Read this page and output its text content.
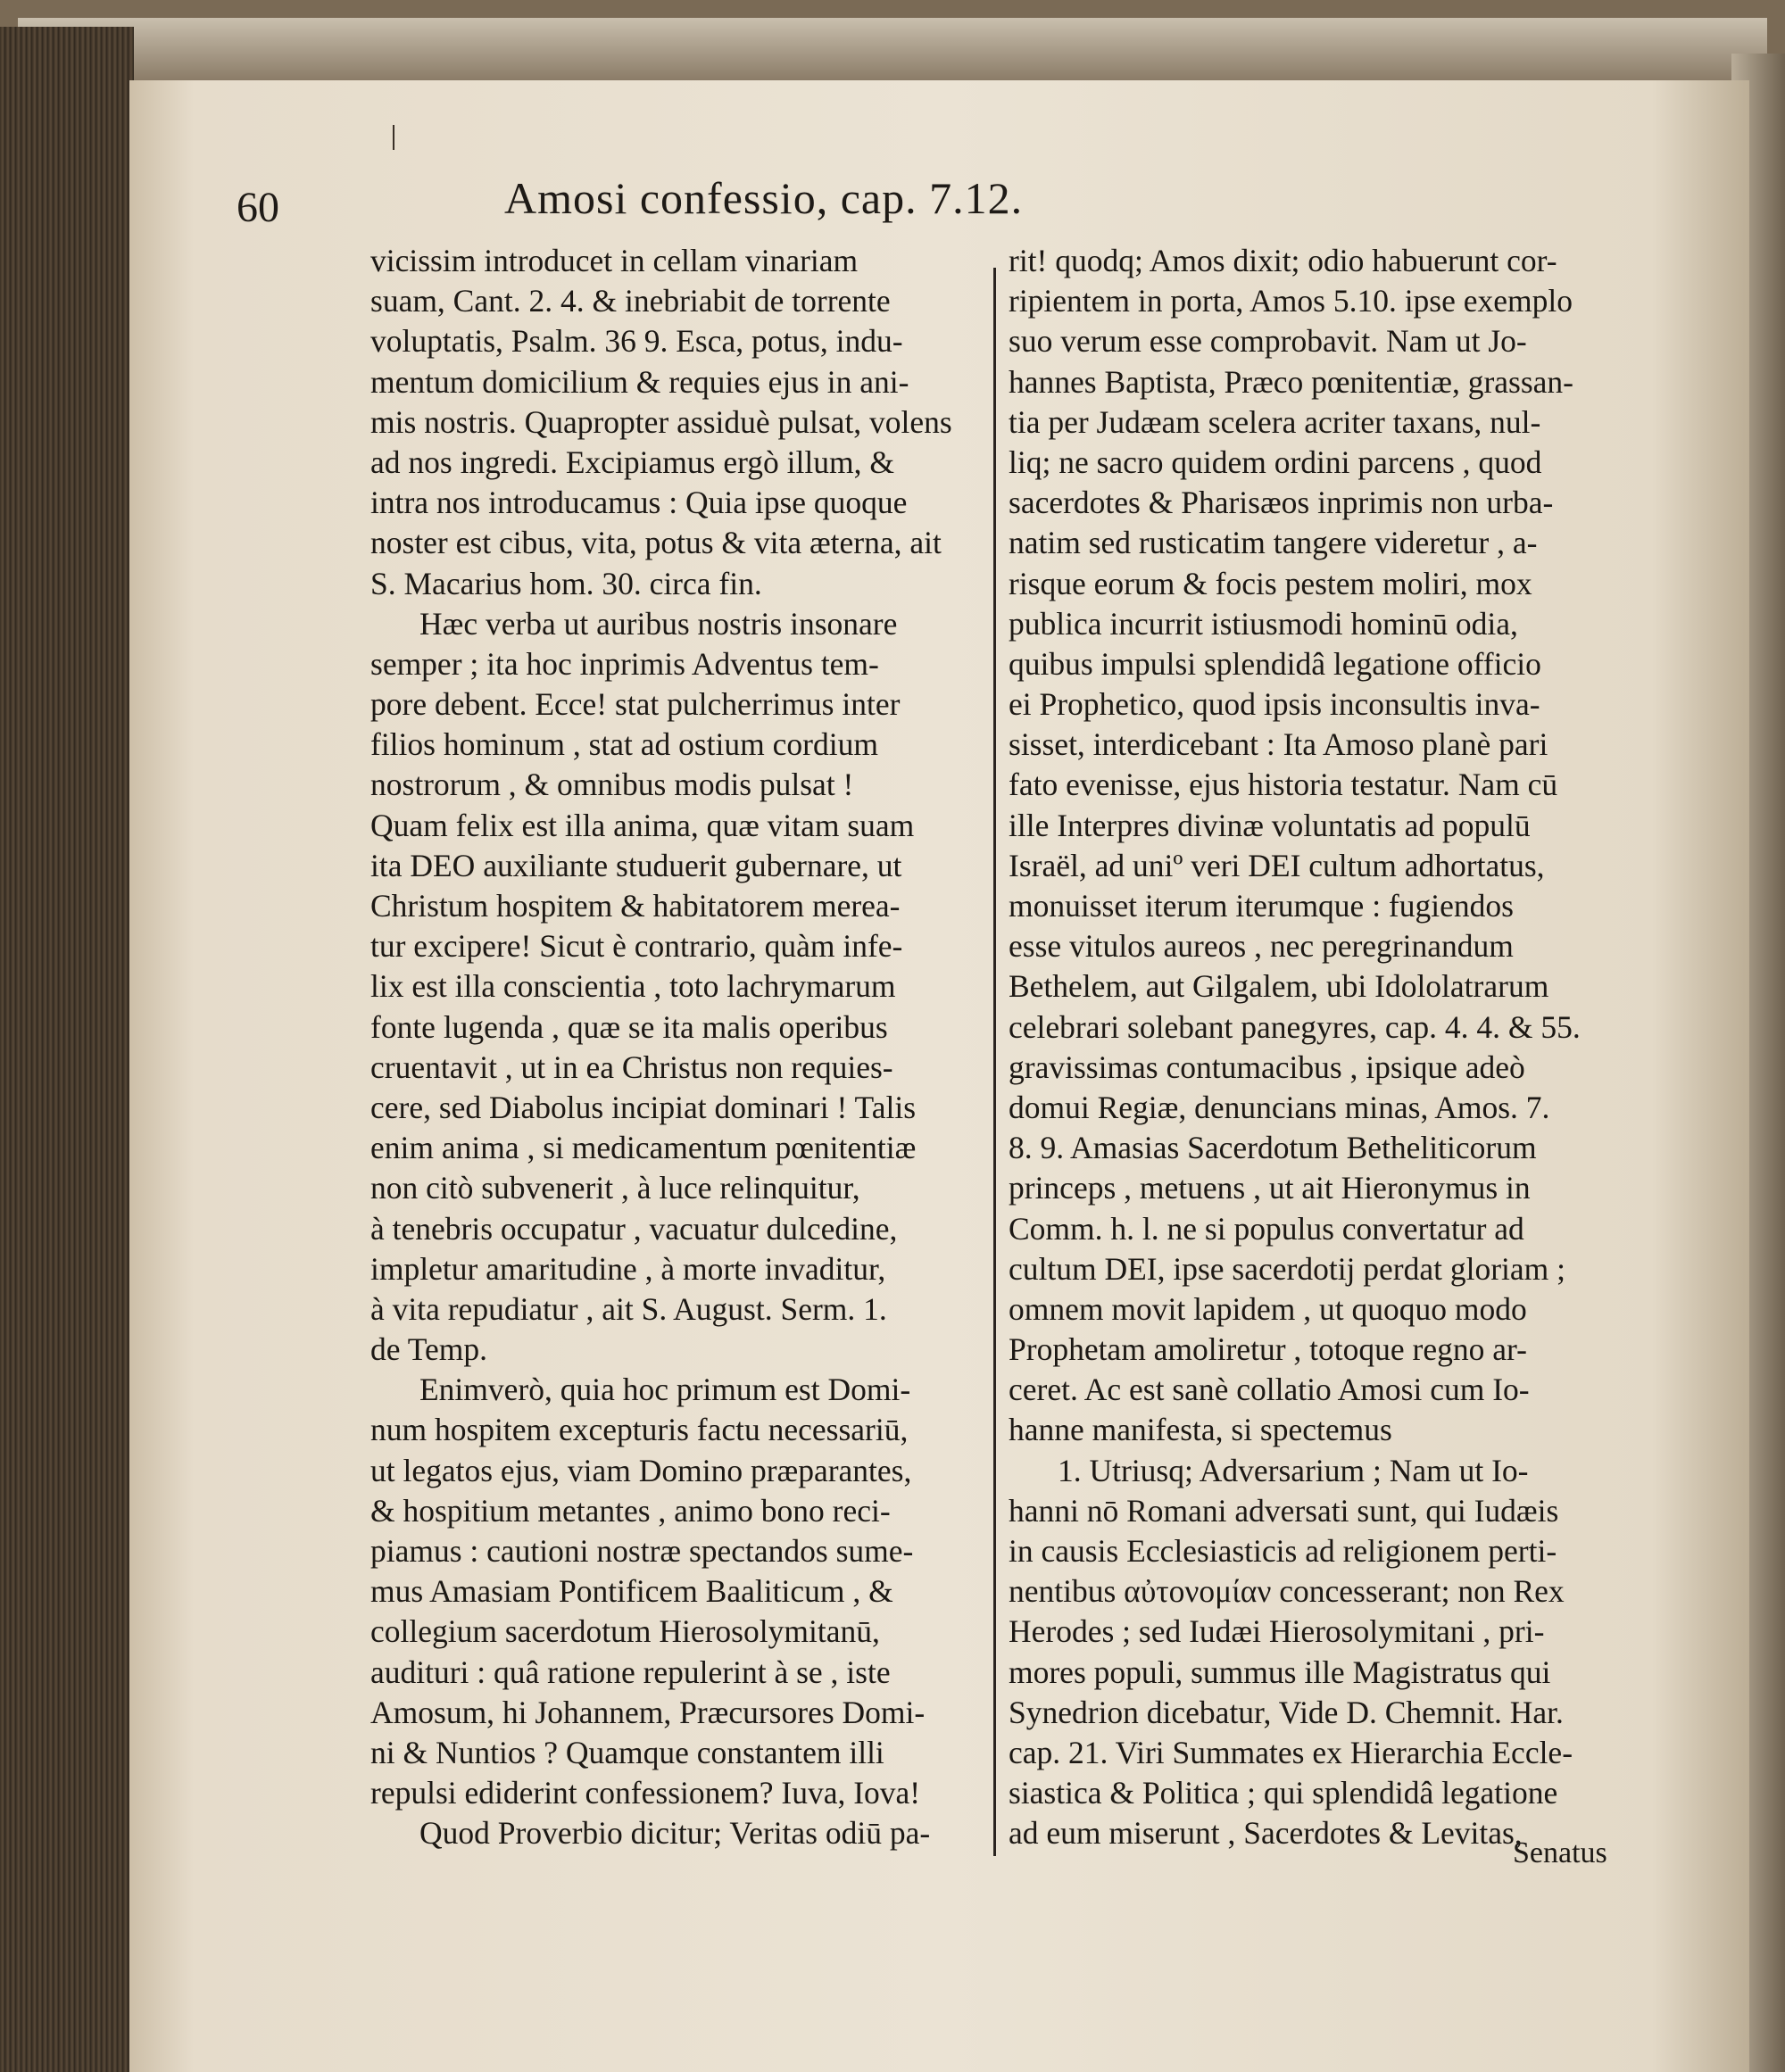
60	Amosi confessio, cap. 7.12.
vicissim introducet in cellam vinariam
suam, Cant. 2. 4. & inebriabit de torrente
voluptatis, Psalm. 36 9. Esca, potus, indu-
mentum domicilium & requies ejus in ani-
mis nostris. Quapropter assiduè pulsat, volens
ad nos ingredi. Excipiamus ergò illum, &
intra nos introducamus : Quia ipse quoque
noster est cibus, vita, potus & vita æterna, ait
S. Macarius hom. 30. circa fin.
Hæc verba ut auribus nostris insonare
semper ; ita hoc inprimis Adventus tem-
pore debent. Ecce! stat pulcherrimus inter
filios hominum , stat ad ostium cordium
nostrorum , & omnibus modis pulsat !
Quam felix est illa anima, quæ vitam suam
ita DEO auxiliante studuerit gubernare, ut
Christum hospitem & habitatorem merea-
tur excipere! Sicut è contrario, quàm infe-
lix est illa conscientia , toto lachrymarum
fonte lugenda , quæ se ita malis operibus
cruentavit , ut in ea Christus non requies-
cere, sed Diabolus incipiat dominari ! Talis
enim anima , si medicamentum pœnitentiæ
non citò subvenerit , à luce relinquitur,
à tenebris occupatur , vacuatur dulcedine,
impletur amaritudine , à morte invaditur,
à vita repudiatur , ait S. August. Serm. 1.
de Temp.
Enimverò, quia hoc primum est Domi-
num hospitem excepturis factu necessariū,
ut legatos ejus, viam Domino præparantes,
& hospitium metantes , animo bono reci-
piamus : cautioni nostræ spectandos sume-
mus Amasiam Pontificem Baaliticum , &
collegium sacerdotum Hierosolymitanū,
audituri : quâ ratione repulerint à se , iste
Amosum, hi Johannem, Præcursores Domi-
ni & Nuntios ? Quamque constantem illi
repulsi ediderint confessionem? Iuva, Iova!
Quod Proverbio dicitur; Veritas odiū pa-
rit! quodq; Amos dixit; odio habuerunt cor-
ripientem in porta, Amos 5.10. ipse exemplo
suo verum esse comprobavit. Nam ut Jo-
hannes Baptista, Præco pœnitentiæ, grassan-
tia per Judæam scelera acriter taxans, nul-
liq; ne sacro quidem ordini parcens , quod
sacerdotes & Pharisæos inprimis non urba-
natim sed rusticatim tangere videretur , a-
risque eorum & focis pestem moliri, mox
publica incurrit istiusmodi hominū odia,
quibus impulsi splendidâ legatione officio
ei Prophetico, quod ipsis inconsultis inva-
sisset, interdicebant : Ita Amoso planè pari
fato evenisse, ejus historia testatur. Nam cū
ille Interpres divinæ voluntatis ad populū
Israël, ad uniº veri DEI cultum adhortatus,
monuisset iterum iterumque : fugiendos
esse vitulos aureos , nec peregrinandum
Bethelem, aut Gilgalem, ubi Idololatrarum
celebrari solebant panegyres, cap. 4. 4. & 55.
gravissimas contumacibus , ipsique adeò
domui Regiæ, denuncians minas, Amos. 7.
8. 9. Amasias Sacerdotum Betheliticorum
princeps , metuens , ut ait Hieronymus in
Comm. h. l. ne si populus convertatur ad
cultum DEI, ipse sacerdotij perdat gloriam ;
omnem movit lapidem , ut quoquo modo
Prophetam amoliretur , totoque regno ar-
ceret. Ac est sanè collatio Amosi cum Io-
hanne manifesta, si spectemus
1. Utriusq; Adversarium ; Nam ut Io-
hanni nō Romani adversati sunt, qui Iudæis
in causis Ecclesiasticis ad religionem perti-
nentibus αὐτονομίαν concesserant; non Rex
Herodes ; sed Iudæi Hierosolymitani , pri-
mores populi, summus ille Magistratus qui
Synedrion dicebatur, Vide D. Chemnit. Har.
cap. 21. Viri Summates ex Hierarchia Eccle-
siastica & Politica ; qui splendidâ legatione
ad eum miserunt , Sacerdotes & Levitas,
Senatus
